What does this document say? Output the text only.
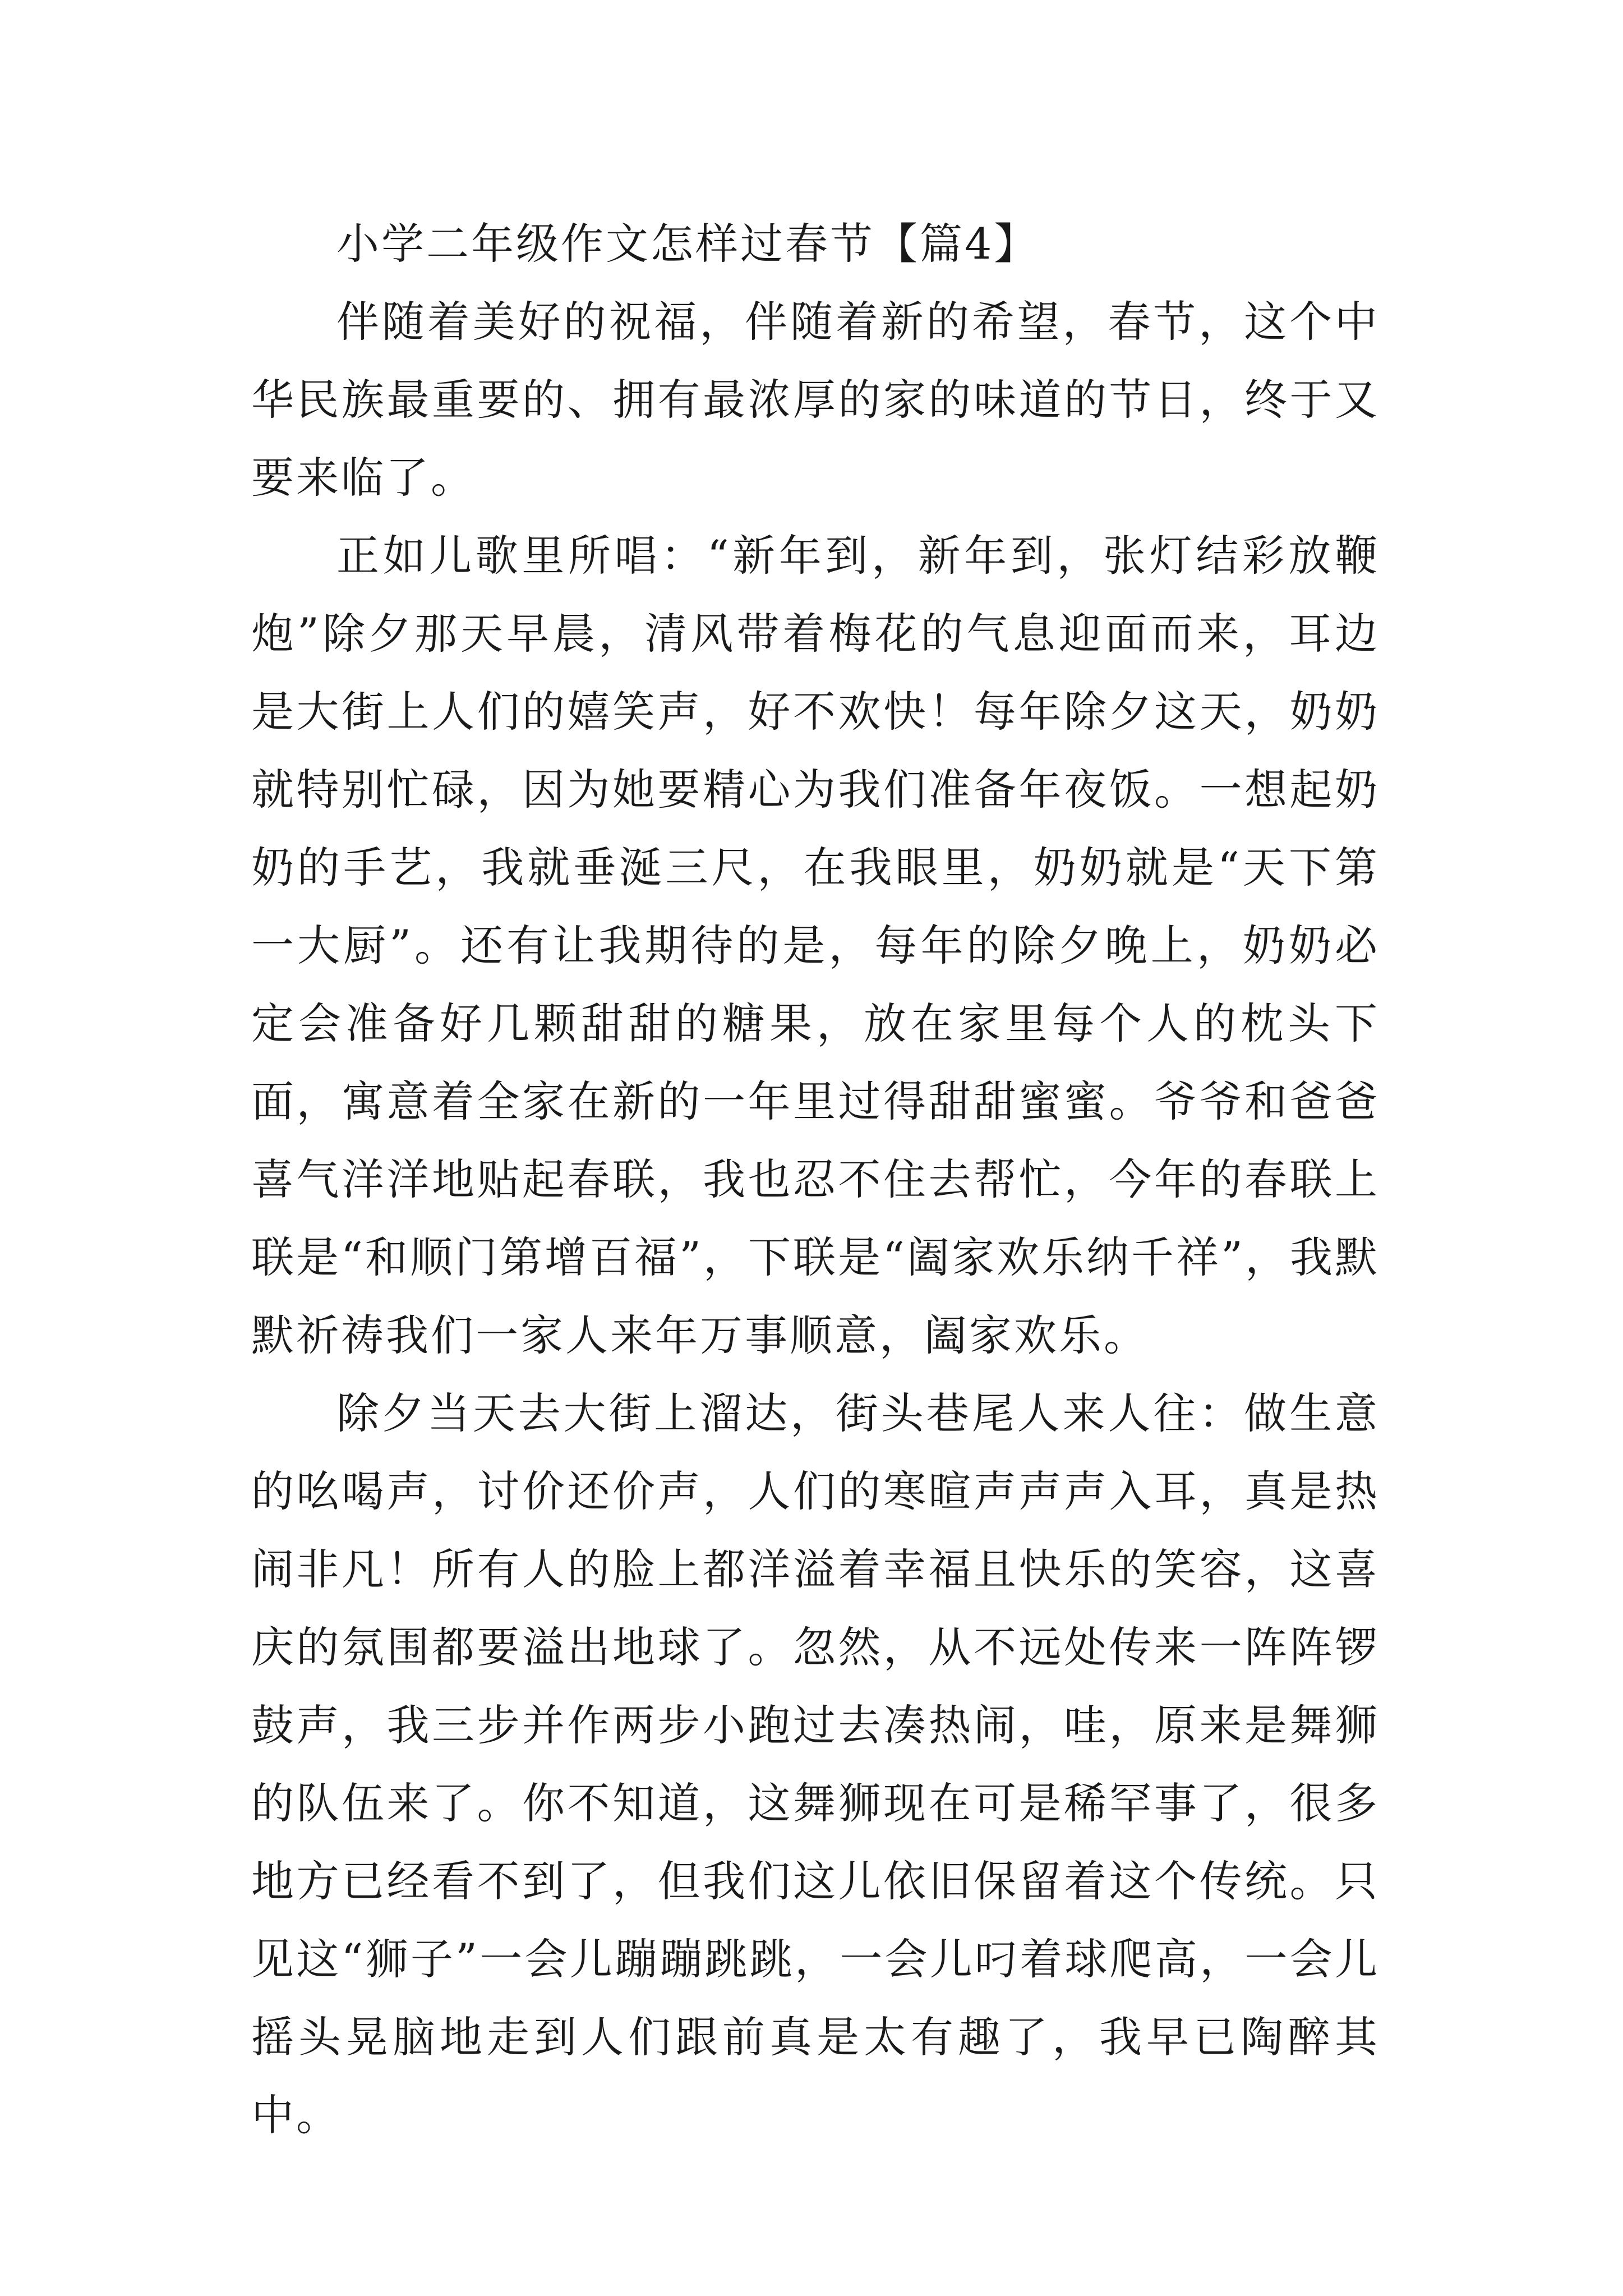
小学二年级作文怎样过春节【篇4】

伴随着美好的祝福，伴随着新的希望，春节，这个中华民族最重要的、拥有最浓厚的家的味道的节日，终于又要来临了。

正如儿歌里所唱：“新年到，新年到，张灯结彩放鞭炮”除夕那天早晨，清风带着梅花的气息迎面而来，耳边是大街上人们的嬉笑声，好不欢快！每年除夕这天，奶奶就特别忙碌，因为她要精心为我们准备年夜饭。一想起奶奶的手艺，我就垂涎三尺，在我眼里，奶奶就是“天下第一大厨”。还有让我期待的是，每年的除夕晚上，奶奶必定会准备好几颗甜甜的糖果，放在家里每个人的枕头下面，寓意着全家在新的一年里过得甜甜蜜蜜。爷爷和爸爸喜气洋洋地贴起春联，我也忍不住去帮忙，今年的春联上联是“和顺门第增百福”，下联是“阖家欢乐纳千祥”，我默默祈祷我们一家人来年万事顺意，阖家欢乐。

除夕当天去大街上溜达，街头巷尾人来人往：做生意的吆喝声，讨价还价声，人们的寒暄声声声入耳，真是热闹非凡！所有人的脸上都洋溢着幸福且快乐的笑容，这喜庆的氛围都要溢出地球了。忽然，从不远处传来一阵阵锣鼓声，我三步并作两步小跑过去凑热闹，哇，原来是舞狮的队伍来了。你不知道，这舞狮现在可是稀罕事了，很多地方已经看不到了，但我们这儿依旧保留着这个传统。只见这“狮子”一会儿蹦蹦跳跳，一会儿叼着球爬高，一会儿摇头晃脑地走到人们跟前真是太有趣了，我早已陶醉其中。
